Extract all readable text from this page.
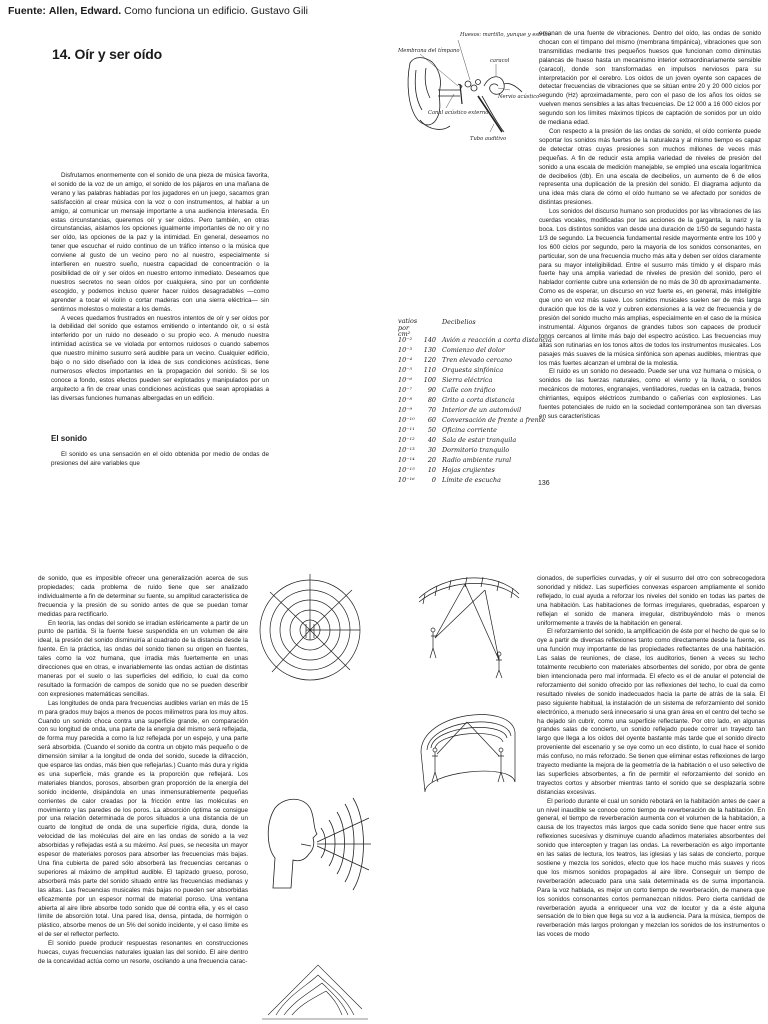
Fuente: Allen, Edward. Como funciona un edificio. Gustavo Gili
14. Oír y ser oído
Huesos: martillo, yunque y estribo
Membrana del tímpano
caracol
Nervio acústico
Canal acústico externo
Tubo auditivo

Disfrutamos enormemente con el sonido de una pieza de música favorita, el sonido de la voz de un amigo, el sonido de los pájaros en una mañana de verano y las palabras habladas por los jugadores en un juego, sacamos gran satisfacción al crear música con la voz o con instrumentos, al hablar a un amigo, al comunicar un mensaje importante a una audiencia interesada. En estas circunstancias, queremos oír y ser oídos. Pero también, en otras circunstancias, aislamos los opciones igualmente importantes de no oír y no ser oído, las opciones de la paz y la intimidad. En general, deseamos no tener que escuchar el ruido continuo de un tráfico intenso o la música que conviene al gusto de un vecino pero no al nuestro, especialmente si interfieren en nuestro sueño, nuestra capacidad de concentración o la posibilidad de oír y ser oídos en nuestro entorno inmediato. Deseamos que nuestros secretos no sean oídos por cualquiera, sino por un confidente escogido, y podemos incluso querer hacer ruidos desagradables —como aprender a tocar el violín o cortar maderas con una sierra eléctrica— sin sentirnos molestos o molestar a los demás.

A veces quedamos frustrados en nuestros intentos de oír y ser oídos por la debilidad del sonido que estamos emitiendo o intentando oír, o si está interferido por un ruido no deseado o su propio eco. A menudo nuestra intimidad acústica se ve violada por entornos ruidosos o cuando sabemos que nuestro mínimo susurro será audible para un vecino. Cualquier edificio, bajo o no sido diseñado con la idea de sus condiciones acústicas, tiene numerosos efectos importantes en la propagación del sonido. Si se los conoce a fondo, estos efectos pueden ser explotados y manipulados por un arquitecto a fin de crear unas condiciones acústicas que sean apropiadas a las diversas funciones humanas albergadas en un edificio.

El sonido

El sonido es una sensación en el oído obtenida por medio de ondas de presiones del aire variables que

vatios por cm²
Decibelios
10⁻² 140 Avión a reacción a corta distancia
10⁻³ 130 Comienzo del dolor
10⁻⁴ 120 Tren elevado cercano
10⁻⁵ 110 Orquesta sinfónica
10⁻⁶ 100 Sierra eléctrica
10⁻⁷ 90 Calle con tráfico
10⁻⁸ 80 Grito a corta distancia
10⁻⁹ 70 Interior de un automóvil
10⁻¹⁰ 60 Conversación de frente a frente
10⁻¹¹ 50 Oficina corriente
10⁻¹² 40 Sala de estar tranquila
10⁻¹³ 30 Dormitorio tranquilo
10⁻¹⁴ 20 Radio ambiente rural
10⁻¹⁵ 10 Hojas crujientes
10⁻¹⁶	0 Límite de escucha

emanan de una fuente de vibraciones. Dentro del oído, las ondas de sonido chocan con el tímpano del mismo (membrana timpánica), vibraciones que son transmitidas mediante tres pequeños huesos que funcionan como diminutas palancas de hueso hasta un mecanismo interior extraordinariamente sensible (caracol), donde son transformadas en impulsos nerviosos para su interpretación por el cerebro. Los oídos de un joven oyente son capaces de detectar frecuencias de vibraciones que se sitúan entre 20 y 20 000 ciclos por segundo (Hz) aproximadamente, pero con el paso de los años los oídos se vuelven menos sensibles a las altas frecuencias. De 12 000 a 16 000 ciclos por segundo son los límites máximos típicos de captación de sonidos por un oído de mediana edad.

Con respecto a la presión de las ondas de sonido, el oído corriente puede soportar los sonidos más fuertes de la naturaleza y al mismo tiempo es capaz de detectar otras cuyas presiones son muchos millones de veces más pequeñas. A fin de reducir esta amplia variedad de niveles de presión del sonido a una escala de medición manejable, se empleó una escala logarítmica de decibelios (db). En una escala de decibelios, un aumento de 6 de ellos representa una duplicación de la presión del sonido. El diagrama adjunto da una idea más clara de cómo el oído humano se ve afectado por sonidos de distintas presiones.

Los sonidos del discurso humano son producidos por las vibraciones de las cuerdas vocales, modificadas por las acciones de la garganta, la nariz y la boca. Los distintos sonidos van desde una duración de 1/50 de segundo hasta 1/3 de segundo. La frecuencia fundamental reside mayormente entre los 100 y los 600 ciclos por segundo, pero la mayoría de los sonidos consonantes, en particular, son de una frecuencia mucho más alta y deben ser oídos claramente para su mayor inteligibilidad. Entre el susurro más tímido y el disparo más fuerte hay una amplia variedad de niveles de presión del sonido, pero el hablador corriente cubre una extensión de no más de 30 db aproximadamente. Como es de esperar, un discurso en voz fuerte es, en general, más inteligible que uno en voz más suave. Los sonidos musicales suelen ser de más larga duración que los de la voz y cubren extensiones a la vez de frecuencia y de presión del sonido mucho más amplias, especialmente en el caso de la música instrumental. Algunos órganos de grandes tubos son capaces de producir tonos cercanos al límite más bajo del espectro acústico. Las frecuencias muy altas son rutinarias en los tonos altos de todos los instrumentos musicales. Los pasajes más suaves de la música sinfónica son apenas audibles, mientras que los más fuertes alcanzan el umbral de la molestia.

El ruido es un sonido no deseado. Puede ser una voz humana o música, o sonidos de las fuerzas naturales, como el viento y la lluvia, o sonidos mecánicos de motores, engranajes, ventiladores, ruedas en la calzada, frenos chirriantes, equipos eléctricos zumbando o cañerías con explosiones. Las fuentes potenciales de ruido en la sociedad contemporánea son tan diversas en sus características

136

de sonido, que es imposible ofrecer una generalización acerca de sus propiedades; cada problema de ruido tiene que ser analizado individualmente a fin de determinar su fuente, su amplitud característica de frecuencia y la presión de su sonido antes de que se puedan tomar medidas para rectificarlo.

En teoría, las ondas del sonido se irradian esféricamente a partir de un punto de partida. Si la fuente fuese suspendida en un volumen de aire ideal, la presión del sonido disminuiría al cuadrado de la distancia desde la fuente. En la práctica, las ondas del sonido tienen su origen en fuentes, tales como la voz humana, que irradia más fuertemente en unas direcciones que en otras, e invariablemente las ondas actúan de distintas maneras por el suelo o las superficies del edificio, lo cual da como resultado la formación de campos de sonido que no se pueden describir con expresiones matemáticas sencillas.

Las longitudes de onda para frecuencias audibles varían en más de 15 m para grados muy bajos a menos de pocos milímetros para los muy altos. Cuando un sonido choca contra una superficie grande, en comparación con su longitud de onda, una parte de la energía del mismo será reflejada, de forma muy parecida a como la luz reflejada por un espejo, y una parte será absorbida. (Cuando el sonido da contra un objeto más pequeño o de dimensión similar a la longitud de onda del sonido, sucede la difracción, que esparce las ondas, más bien que reflejarlas.) Cuanto más dura y rígida es una superficie, más grande es la proporción que reflejará. Los materiales blandos, porosos, absorben gran proporción de la energía del sonido incidente, disipándola en unas inmensurablemente pequeñas corrientes de calor creadas por la fricción entre las moléculas en movimiento y las paredes de los poros. La absorción óptima se consigue por una relación determinada de poros situados a una distancia de un cuarto de longitud de onda de una superficie rígida, dura, donde la velocidad de las moléculas del aire en las ondas de sonido a la vez absorbidas y reflejadas está a su máximo. Así pues, se necesita un mayor espesor de materiales porosos para absorber las frecuencias más bajas. Una fina cubierta de pared sólo absorberá las frecuencias cercanas o superiores al máximo de amplitud audible. El tapizado grueso, poroso, absorberá más parte del sonido situado entre las frecuencias medianas y las altas. Las frecuencias musicales más bajas no pueden ser absorbidas eficazmente por un espesor normal de material poroso. Una ventana abierta al aire libre absorbe todo sonido que dé contra ella, y es el caso límite de absorción total. Una pared lisa, densa, pintada, de hormigón o plástico, absorbe menos de un 5% del sonido incidente, y el caso límite es el de ser el reflector perfecto.

El sonido puede producir respuestas resonantes en construcciones huecas, cuyas frecuencias naturales igualan las del sonido. El aire dentro de la concavidad actúa como un resorte, oscilando a una frecuencia carac-

cionados, de superficies curvadas, y oír el susurro del otro con sobrecogedora sonoridad y nitidez. Las superficies convexas esparcen ampliamente el sonido reflejado, lo cual ayuda a reforzar los niveles del sonido en todas las partes de una habitación. Las habitaciones de formas irregulares, quebradas, esparcen y reflejan el sonido de manera irregular, distribuyéndolo más o menos uniformemente a través de la habitación en general.

El reforzamiento del sonido, la amplificación de éste por el hecho de que se lo oye a partir de diversas reflexiones tanto como directamente desde la fuente, es una función muy importante de las propiedades reflectantes de una habitación. Las salas de reuniones, de clase, los auditorios, tienen a veces su techo totalmente recubierto con materiales absorbentes del sonido, por obra de gente bien intencionada pero mal informada. El efecto es el de anular el potencial de reforzamiento del sonido ofrecido por las reflexiones del techo, lo cual da como resultado niveles de sonido inadecuados hacia la parte de atrás de la sala. El paso siguiente habitual, la instalación de un sistema de reforzamiento del sonido electrónico, a menudo será innecesario si una gran área en el centro del techo se ha dejado sin cubrir, como una superficie reflectante. Por otro lado, en algunas grandes salas de concierto, un sonido reflejado puede correr un trayecto tan largo que llega a los oídos del oyente bastante más tarde que el sonido directo proveniente del escenario y se oye como un eco distinto, lo cual hace el sonido más confuso, no más reforzado. Se tienen que eliminar estas reflexiones de largo trayecto mediante la mejora de la geometría de la habitación o el uso selectivo de las superficies absorbentes, a fin de permitir el reforzamiento del sonido en trayectos cortos y absorber mientras tanto el sonido que se desplazaría sobre distancias excesivas.

El período durante el cual un sonido rebotará en la habitación antes de caer a un nivel inaudible se conoce como tiempo de reverberación de la habitación. En general, el tiempo de reverberación aumenta con el volumen de la habitación, a causa de los trayectos más largos que cada sonido tiene que hacer entre sus reflexiones sucesivas y disminuye cuando añadimos materiales absorbentes del sonido que intercepten y tragan las ondas. La reverberación es algo importante en las salas de lectura, los teatros, las iglesias y las salas de concierto, porque sostiene y mezcla los sonidos, efecto que los hace mucho más suaves y ricos que los mismos sonidos propagados al aire libre. Conseguir un tiempo de reverberación adecuado para una sala determinada es de suma importancia. Para la voz hablada, es mejor un corto tiempo de reverberación, de manera que los sonidos consonantes cortos permanezcan nítidos. Pero cierta cantidad de reverberación ayuda a enriquecer una voz de locutor y da a éste alguna sensación de lo bien que llega su voz a la audiencia. Para la música, tiempos de reverberación más largos prolongan y mezclan los sonidos de los instrumentos o las voces de modo
